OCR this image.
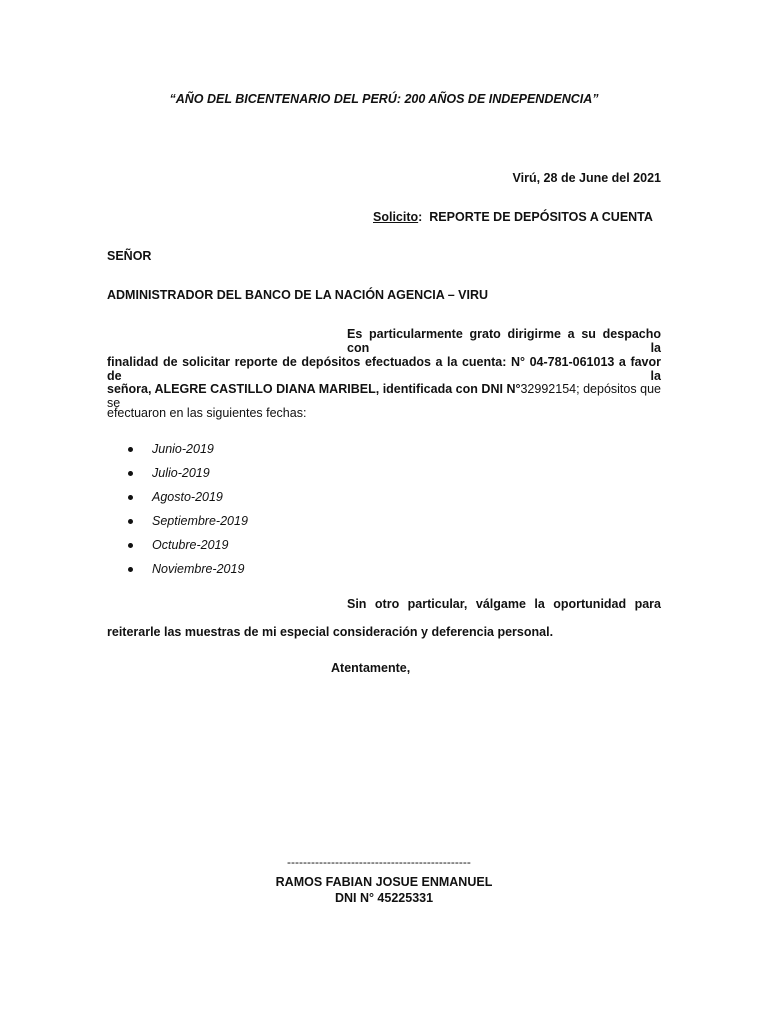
“AÑO DEL BICENTENARIO DEL PERÚ: 200 AÑOS DE INDEPENDENCIA”
Virú, 28 de June del 2021
Solicito: REPORTE DE DEPÓSITOS A CUENTA
SEÑOR
ADMINISTRADOR DEL BANCO DE LA NACIÓN AGENCIA – VIRU
Es particularmente grato dirigirme a su despacho con la
finalidad de solicitar reporte de depósitos efectuados a la cuenta: N° 04-781-061013 a favor de la
señora, ALEGRE CASTILLO DIANA MARIBEL, identificada con DNI N°32992154; depósitos que se
efectuaron en las siguientes fechas:
Junio-2019
Julio-2019
Agosto-2019
Septiembre-2019
Octubre-2019
Noviembre-2019
Sin otro particular, válgame la oportunidad para
reiterarle las muestras de mi especial consideración y deferencia personal.
Atentamente,
----------------------------------------------
RAMOS FABIAN JOSUE ENMANUEL
DNI N° 45225331
